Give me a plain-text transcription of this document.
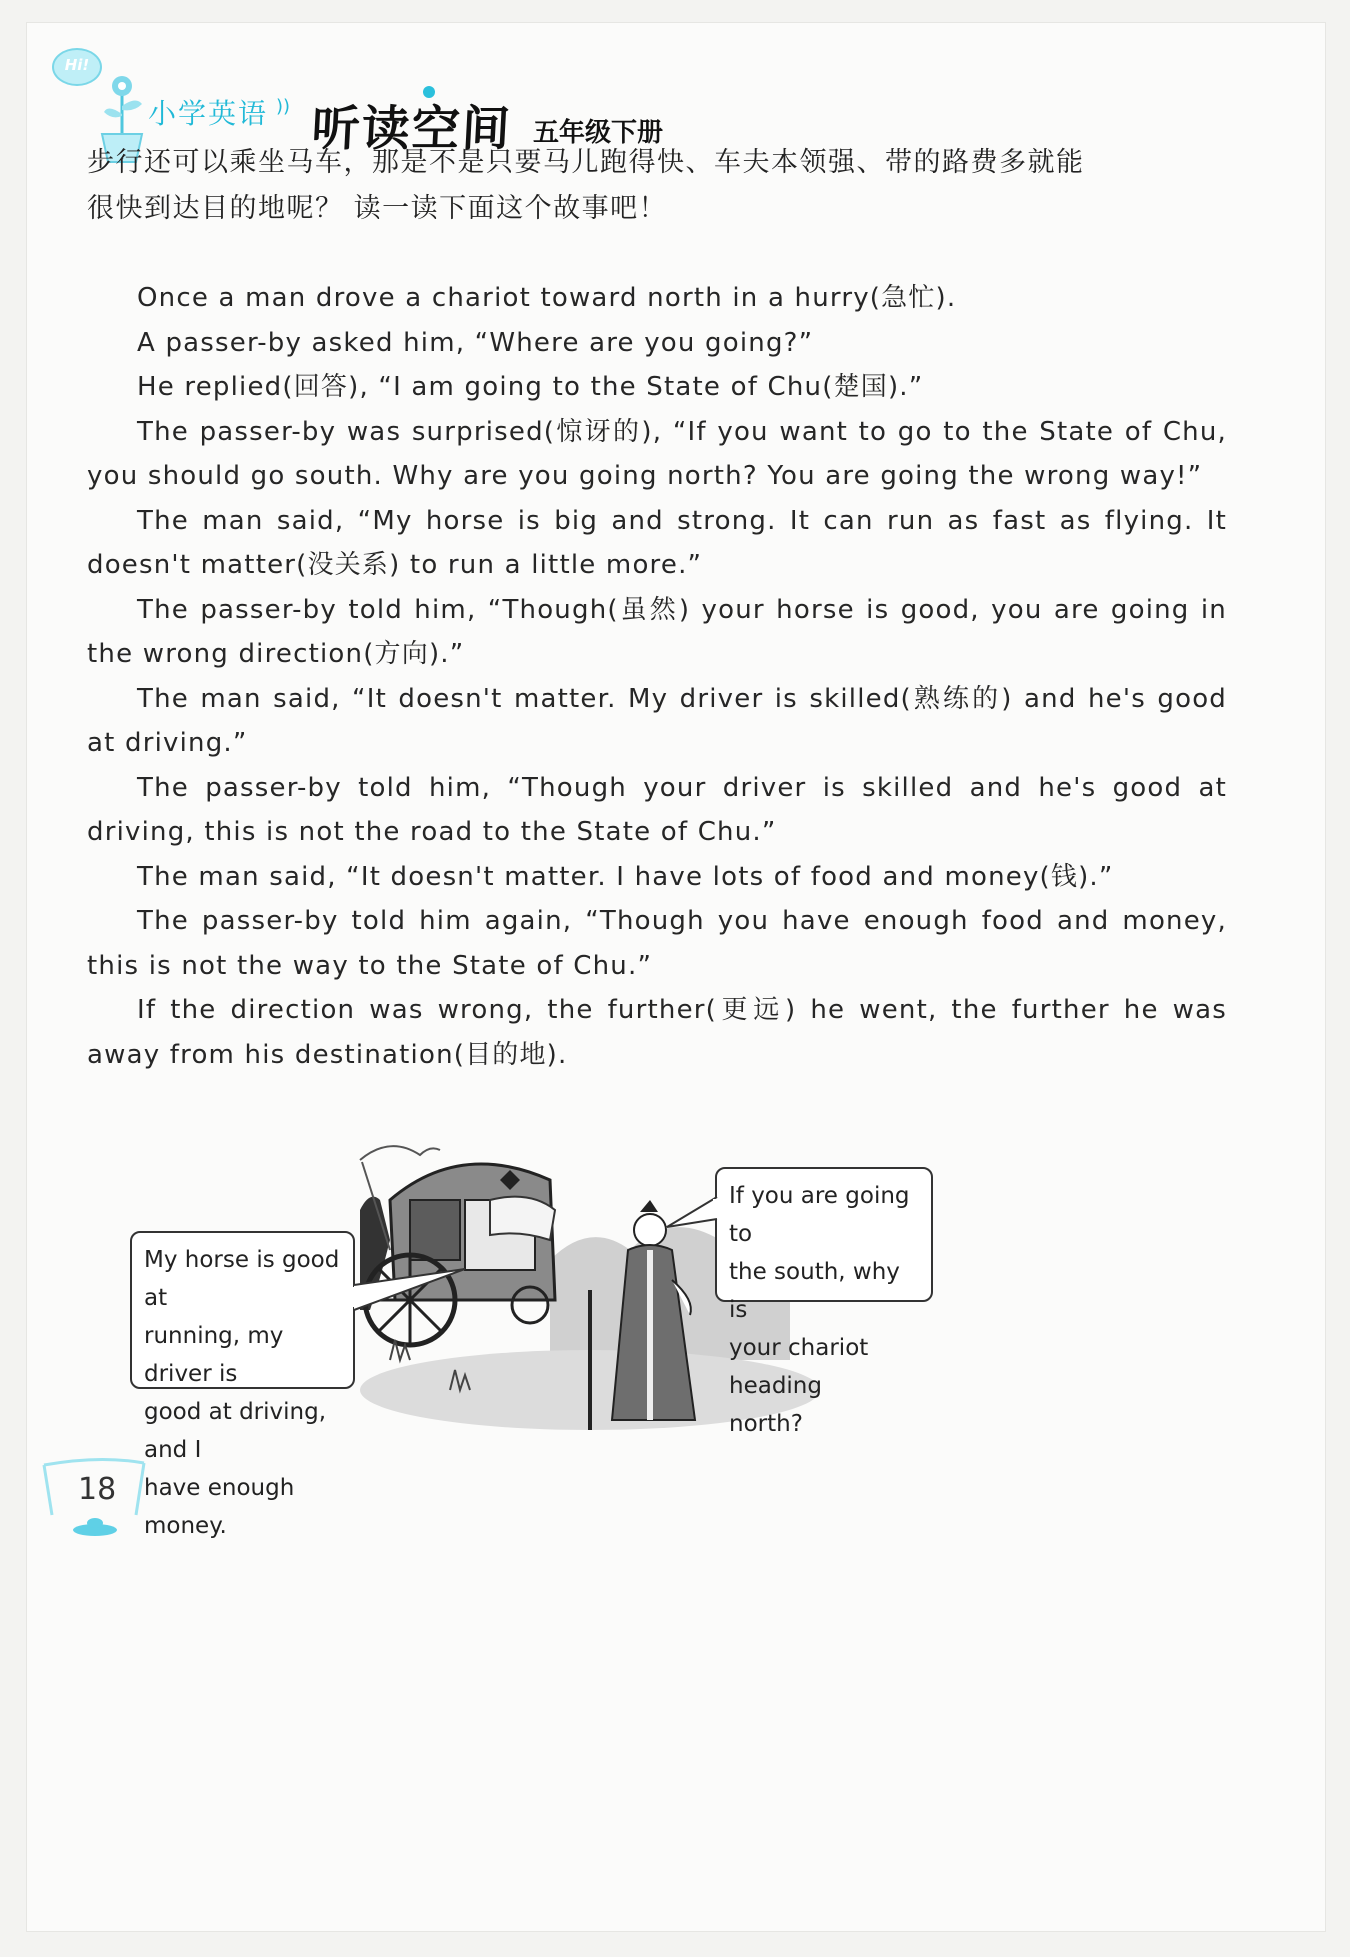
Hi!
小学英语 )) 听读空间 五年级下册

步行还可以乘坐马车，那是不是只要马儿跑得快、车夫本领强、带的路费多就能

很快到达目的地呢？ 读一读下面这个故事吧！

Once a man drove a chariot toward north in a hurry(急忙).

A passer-by asked him, “Where are you going?”

He replied(回答), “I am going to the State of Chu(楚国).”

The passer-by was surprised(惊讶的), “If you want to go to the State of Chu, you should go south. Why are you going north? You are going the wrong way!”

The man said, “My horse is big and strong. It can run as fast as flying. It doesn't matter(没关系) to run a little more.”

The passer-by told him, “Though(虽然) your horse is good, you are going in the wrong direction(方向).”

The man said, “It doesn't matter. My driver is skilled(熟练的) and he's good at driving.”

The passer-by told him, “Though your driver is skilled and he's good at driving, this is not the road to the State of Chu.”

The man said, “It doesn't matter. I have lots of food and money(钱).”

The passer-by told him again, “Though you have enough food and money, this is not the way to the State of Chu.”

If the direction was wrong, the further(更远) he went, the further he was away from his destination(目的地).

My horse is good at
running, my driver is
good at driving, and I
have enough money.
If you are going to
the south, why is
your chariot heading
north?
18
